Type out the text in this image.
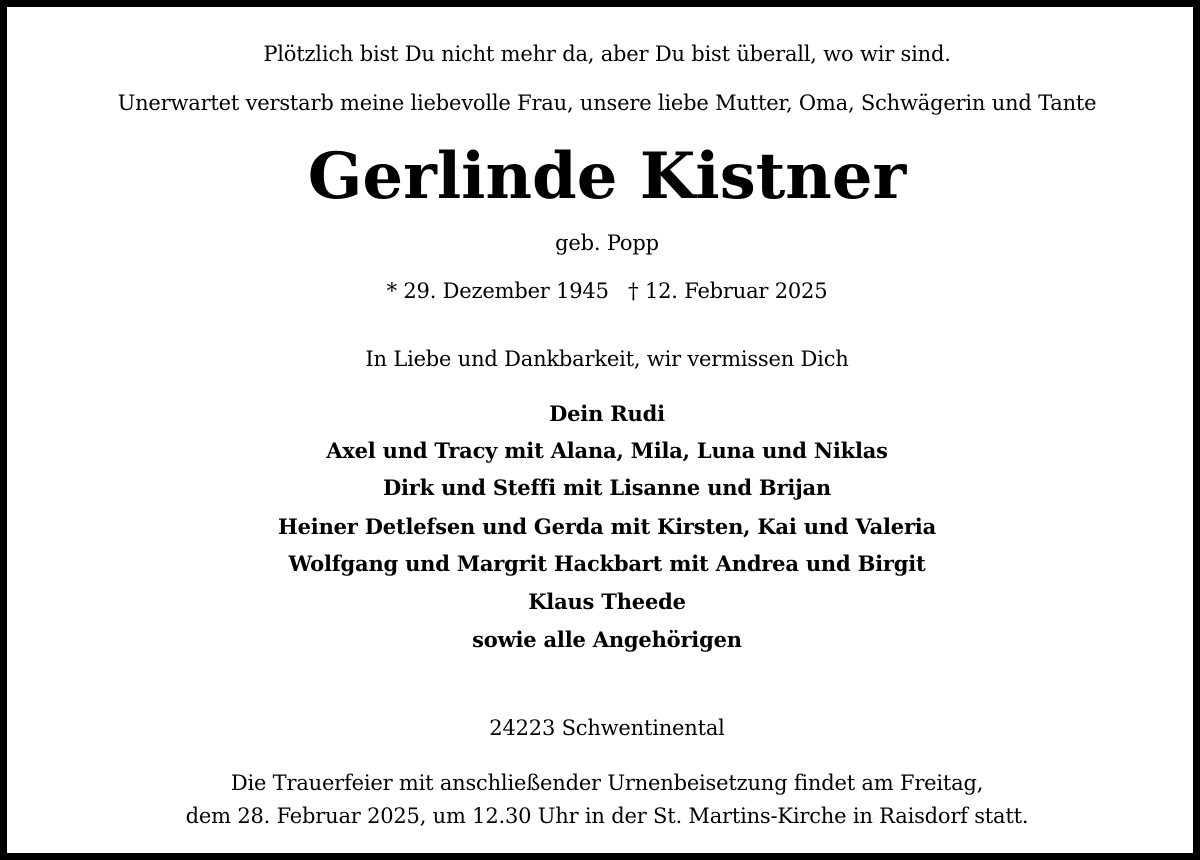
Plötzlich bist Du nicht mehr da, aber Du bist überall, wo wir sind.
Unerwartet verstarb meine liebevolle Frau, unsere liebe Mutter, Oma, Schwägerin und Tante
Gerlinde Kistner
geb. Popp
* 29. Dezember 1945   † 12. Februar 2025
In Liebe und Dankbarkeit, wir vermissen Dich
Dein Rudi
Axel und Tracy mit Alana, Mila, Luna und Niklas
Dirk und Steffi mit Lisanne und Brijan
Heiner Detlefsen und Gerda mit Kirsten, Kai und Valeria
Wolfgang und Margrit Hackbart mit Andrea und Birgit
Klaus Theede
sowie alle Angehörigen
24223 Schwentinental
Die Trauerfeier mit anschließender Urnenbeisetzung findet am Freitag,
dem 28. Februar 2025, um 12.30 Uhr in der St. Martins-Kirche in Raisdorf statt.
